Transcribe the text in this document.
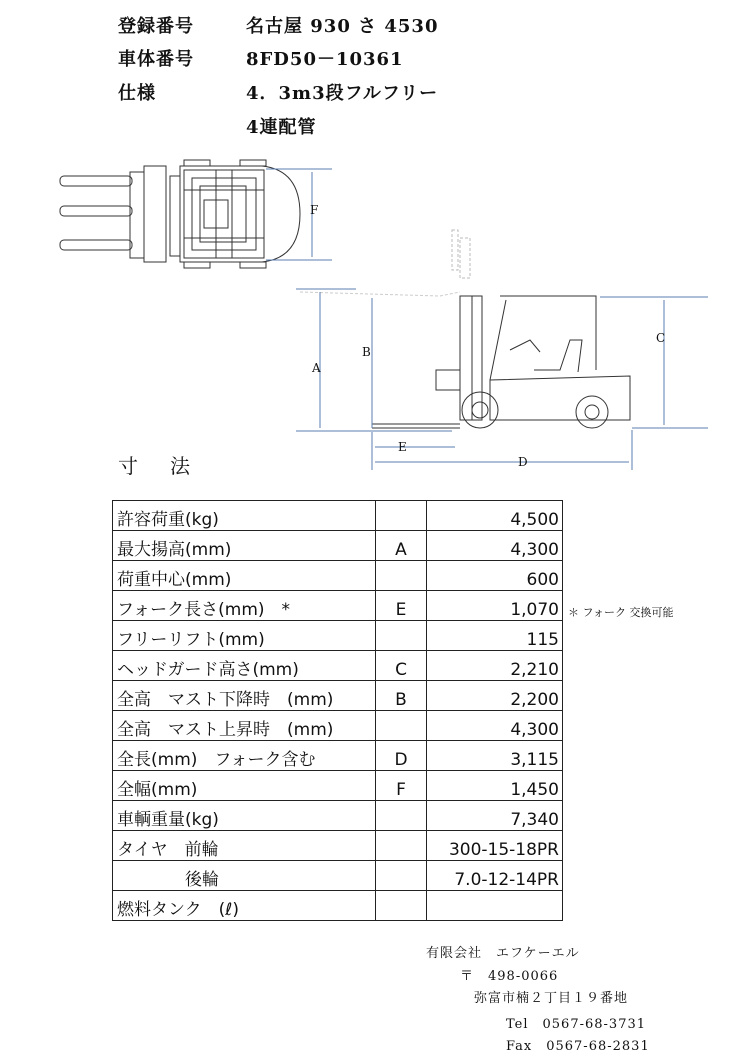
登録番号	名古屋 930 さ 4530
車体番号	8FD50－10361
仕様	4．3m3段フルフリー
4連配管
F
A
B
C
D
E
寸　法
許容荷重(kg)		4,500
最大揚高(mm)	A	4,300
荷重中心(mm)		600
フォーク長さ(mm)　*	E	1,070
フリーリフト(mm)		115
ヘッドガード高さ(mm)	C	2,210
全高　マスト下降時　(mm)	B	2,200
全高　マスト上昇時　(mm)		4,300
全長(mm)　フォーク含む	D	3,115
全幅(mm)	F	1,450
車輌重量(kg)		7,340
タイヤ　前輪		300-15-18PR
　　　　後輪		7.0-12-14PR
燃料タンク　(ℓ)		
＊ フォーク 交換可能
有限会社　エフケーエル
〒　498-0066
弥富市楠２丁目１９番地
Tel　0567-68-3731
Fax　0567-68-2831
